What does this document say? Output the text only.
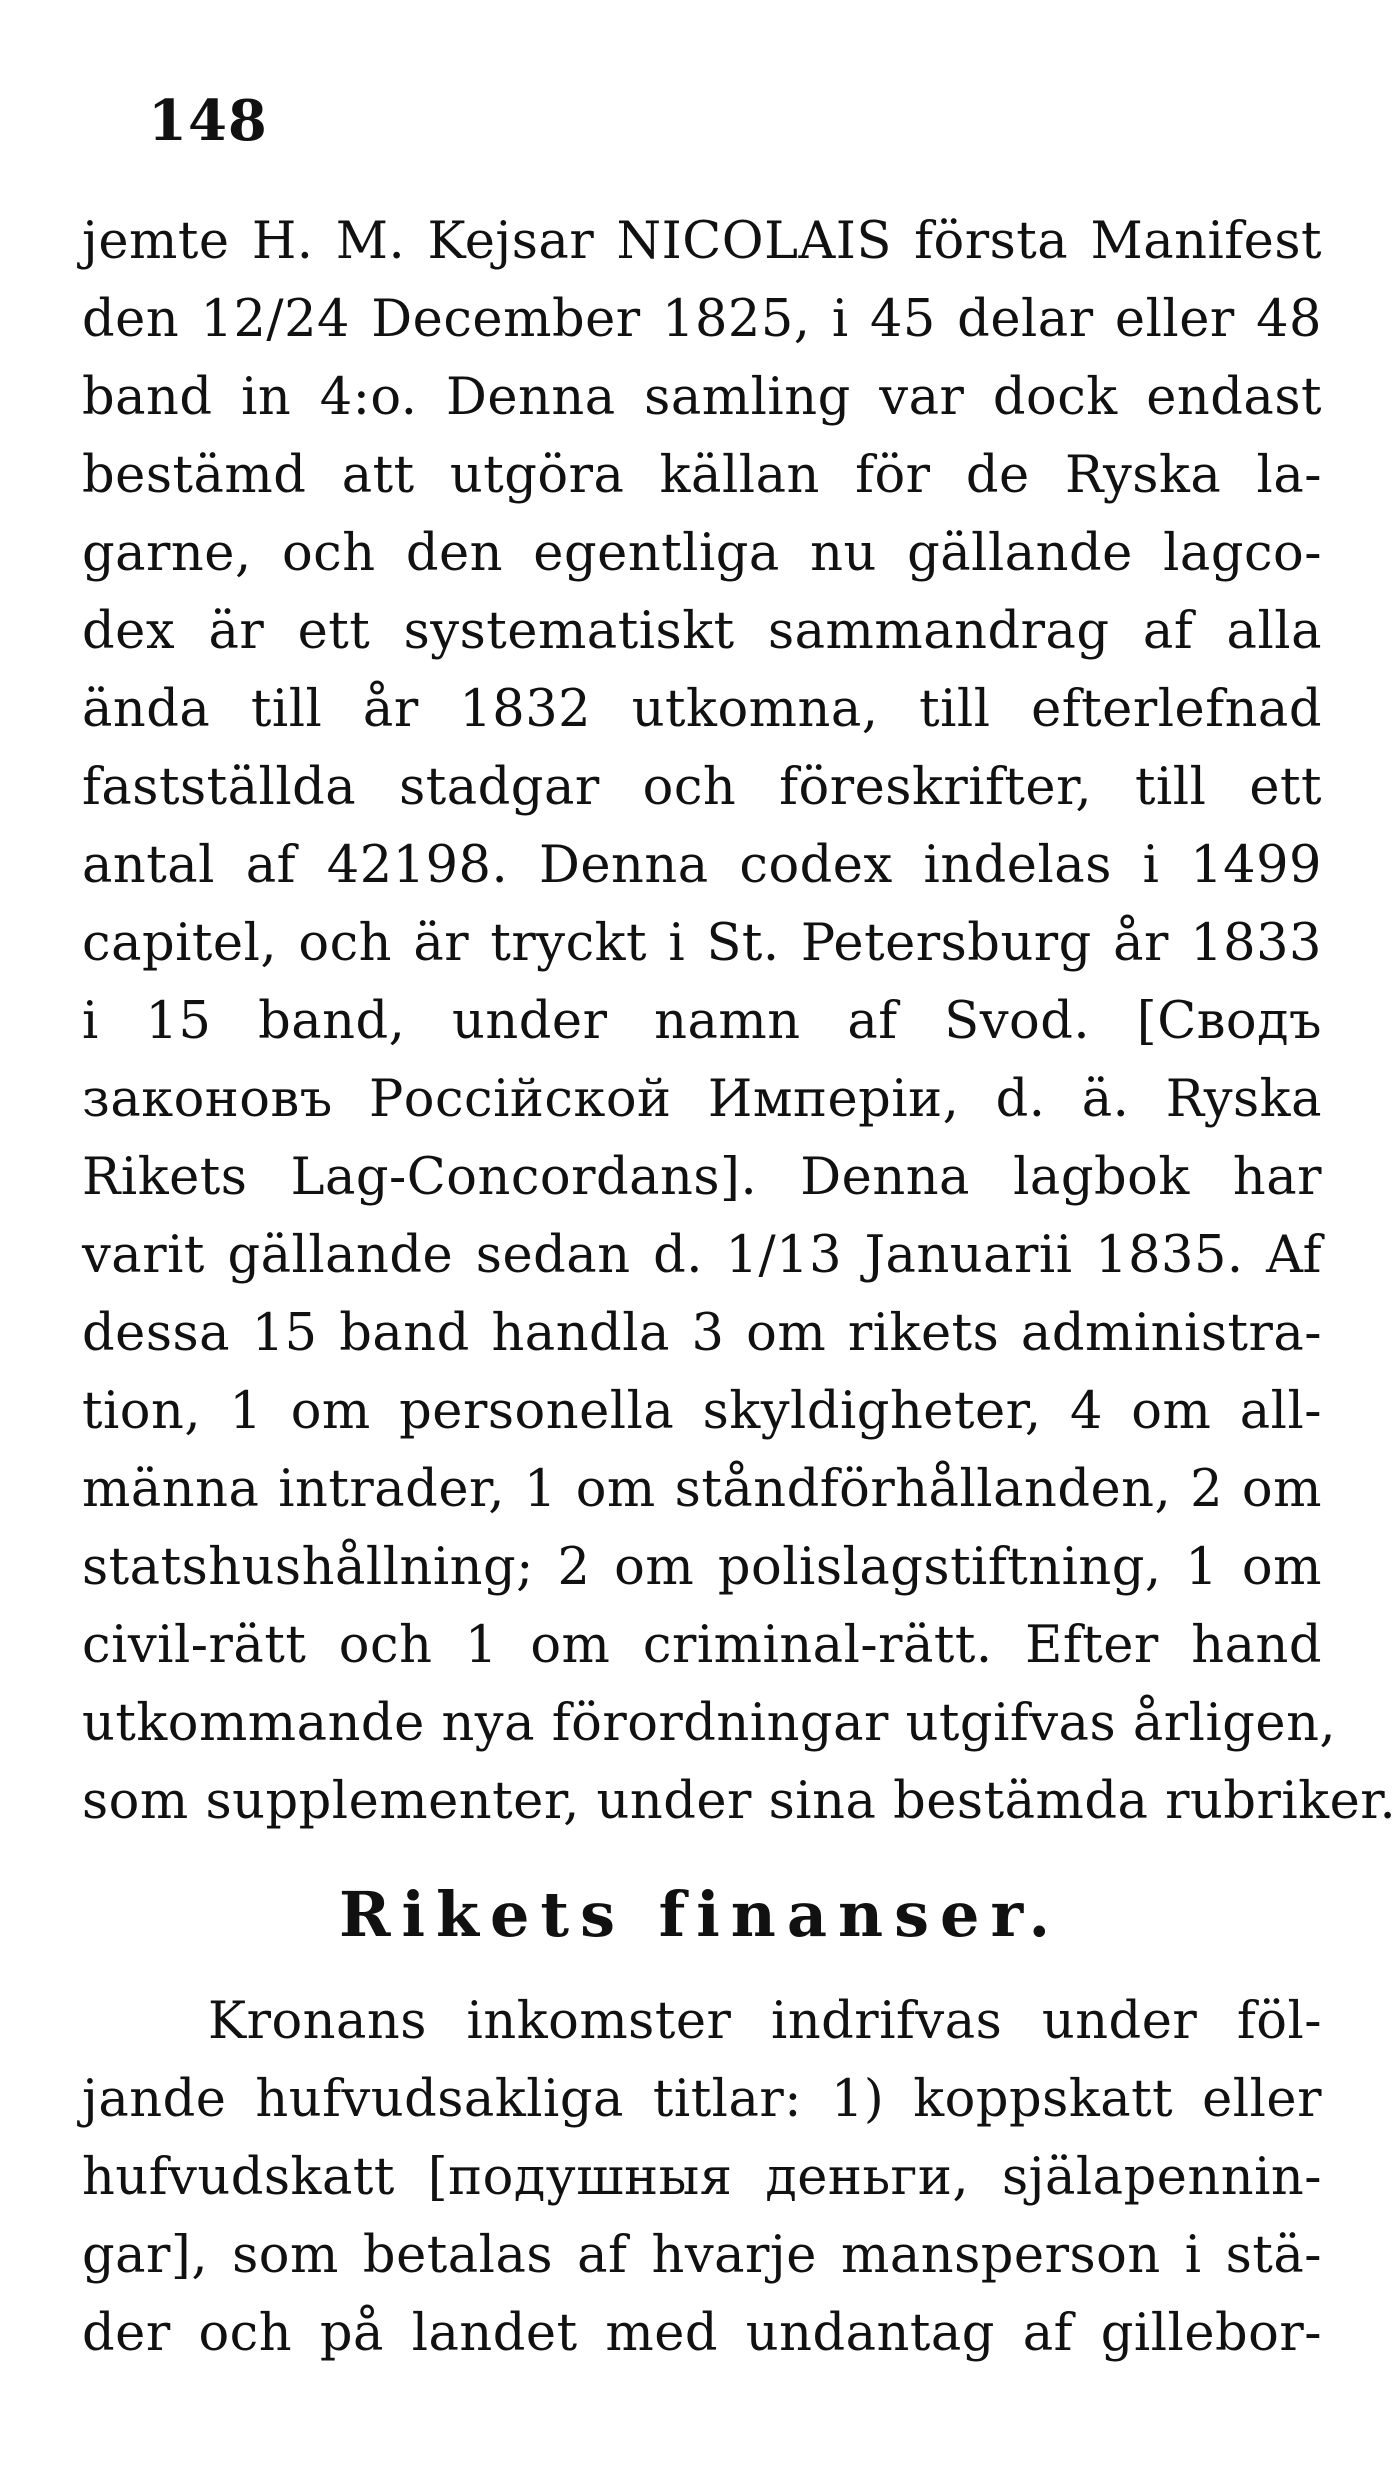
148
jemte H. M. Kejsar NICOLAIS första Manifest
den 12/24 December 1825, i 45 delar eller 48
band in 4:o. Denna samling var dock endast
bestämd att utgöra källan för de Ryska la-
garne, och den egentliga nu gällande lagco-
dex är ett systematiskt sammandrag af alla
ända till år 1832 utkomna, till efterlefnad
fastställda stadgar och föreskrifter, till ett
antal af 42198. Denna codex indelas i 1499
capitel, och är tryckt i St. Petersburg år 1833
i 15 band, under namn af Svod. [Сводъ
законовъ Россійской Имперіи, d. ä. Ryska
Rikets Lag-Concordans]. Denna lagbok har
varit gällande sedan d. 1/13 Januarii 1835. Af
dessa 15 band handla 3 om rikets administra-
tion, 1 om personella skyldigheter, 4 om all-
männa intrader, 1 om ståndförhållanden, 2 om
statshushållning; 2 om polislagstiftning, 1 om
civil-rätt och 1 om criminal-rätt. Efter hand
utkommande nya förordningar utgifvas årligen,
som supplementer, under sina bestämda rubriker.
Rikets finanser.
Kronans inkomster indrifvas under föl-
jande hufvudsakliga titlar: 1) koppskatt eller
hufvudskatt [подушныя деньги, själapennin-
gar], som betalas af hvarje mansperson i stä-
der och på landet med undantag af gillebor-
